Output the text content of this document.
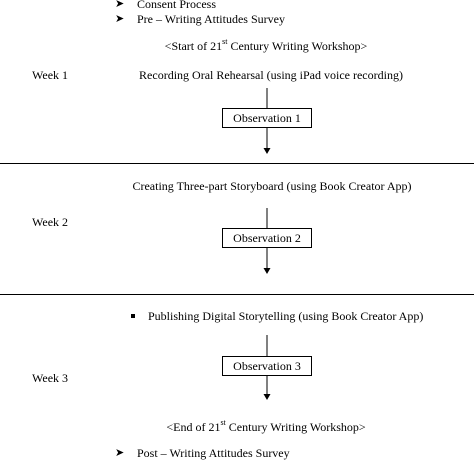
➤ Consent Process
➤ Pre – Writing Attitudes Survey
<Start of 21st Century Writing Workshop>
Week 1	Recording Oral Rehearsal (using iPad voice recording)
Observation 1
Creating Three-part Storyboard (using Book Creator App)
Week 2
Observation 2
Publishing Digital Storytelling (using Book Creator App)
Observation 3
Week 3
<End of 21st Century Writing Workshop>
➤ Post – Writing Attitudes Survey
